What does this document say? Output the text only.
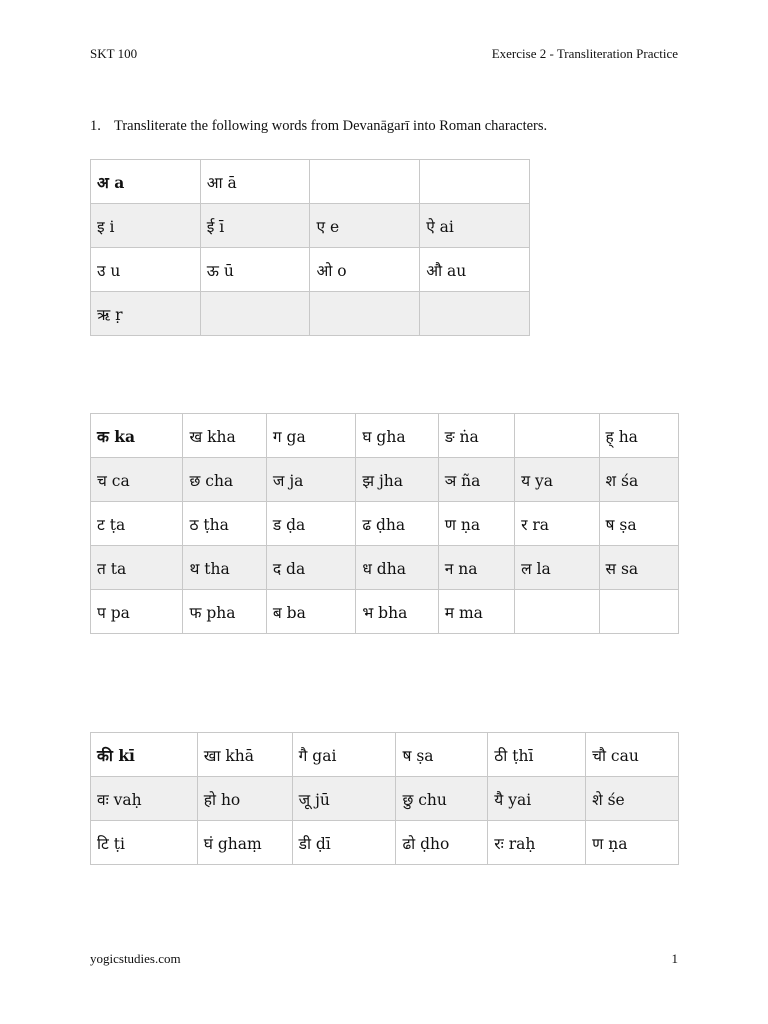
SKT 100	Exercise 2 - Transliteration Practice
1. Transliterate the following words from Devanāgarī into Roman characters.
अ a	आ ā		
इ i	ई ī	ए e	ऐ ai
उ u	ऊ ū	ओ o	औ au
ऋ ṛ			
क ka	ख kha	ग ga	घ gha	ङ ṅa		ह् ha
च ca	छ cha	ज ja	झ jha	ञ ña	य ya	श śa
ट ṭa	ठ ṭha	ड ḍa	ढ ḍha	ण ṇa	र ra	ष ṣa
त ta	थ tha	द da	ध dha	न na	ल la	स sa
प pa	फ pha	ब ba	भ bha	म ma		
की kī	खा khā	गै gai	ष ṣa	ठी ṭhī	चौ cau
वः vaḥ	हो ho	जू jū	छु chu	यै yai	शे śe
टि ṭi	घं ghaṃ	डी ḍī	ढो ḍho	रः raḥ	ण ṇa
yogicstudies.com	1
